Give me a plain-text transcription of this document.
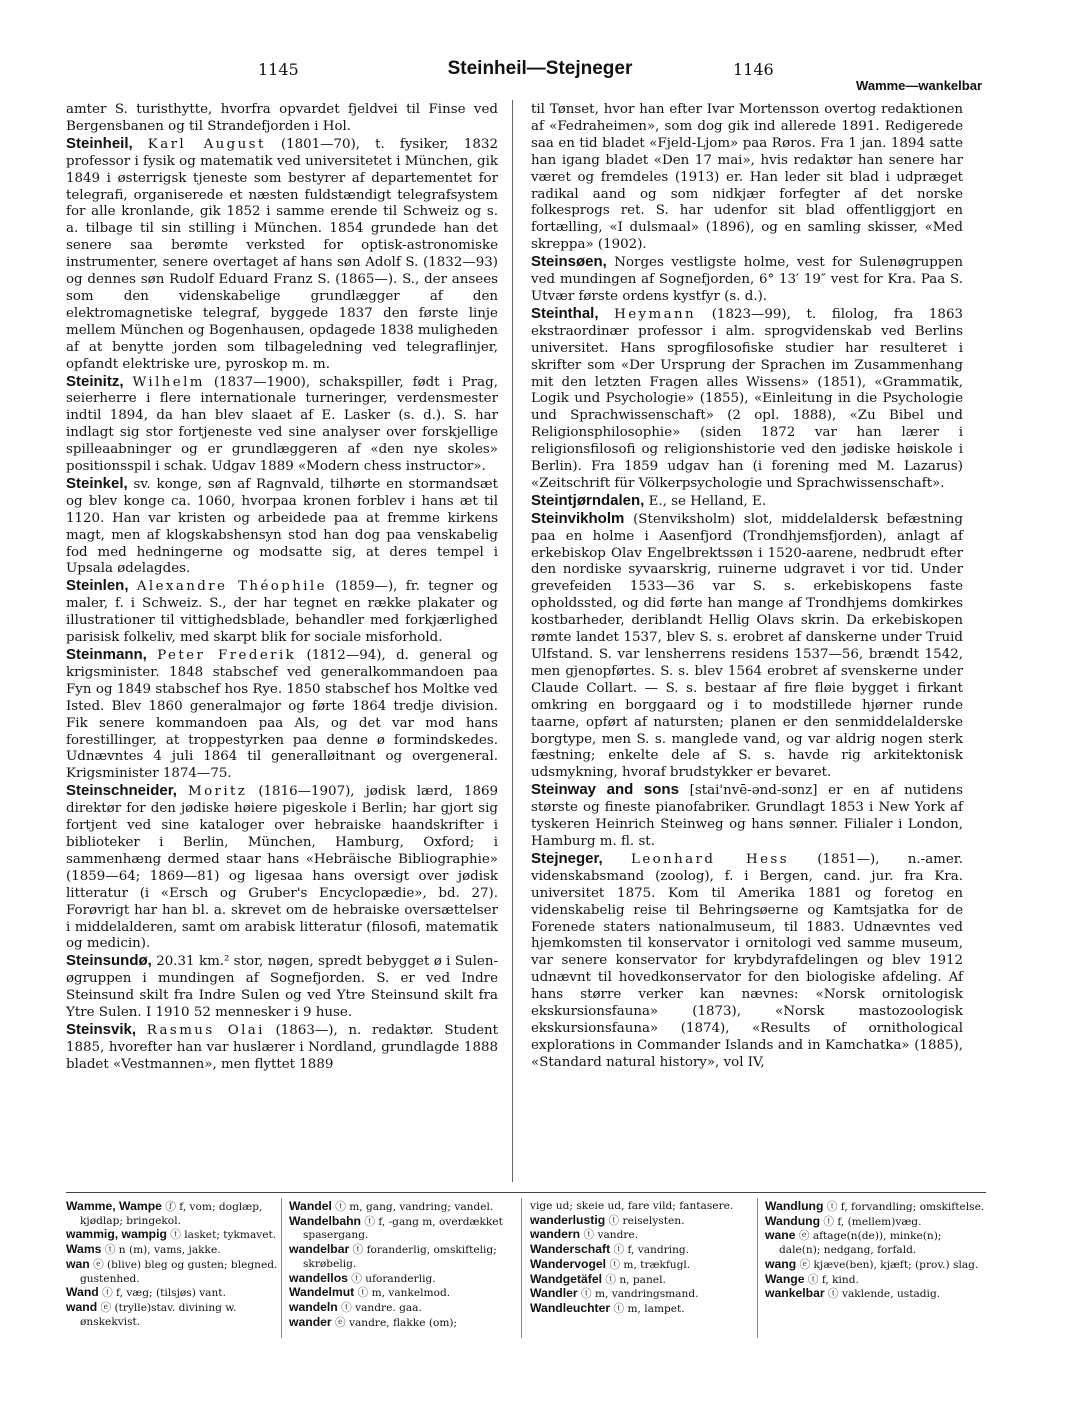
1145	Steinheil—Stejneger	1146
Wamme—wankelbar

amter S. turisthytte, hvorfra opvardet fjeldvei til Finse ved Bergensbanen og til Strandefjorden i Hol.

Steinheil, Karl August (1801—70), t. fysiker, 1832 professor i fysik og matematik ved universitetet i München, gik 1849 i østerrigsk tjeneste som bestyrer af departementet for telegrafi, organiserede et næsten fuldstændigt telegrafsystem for alle kronlande, gik 1852 i samme erende til Schweiz og s. a. tilbage til sin stilling i München. 1854 grundede han det senere saa berømte verksted for optisk-astronomiske instrumenter, senere overtaget af hans søn Adolf S. (1832—93) og dennes søn Rudolf Eduard Franz S. (1865—). S., der ansees som den videnskabelige grundlægger af den elektromagnetiske telegraf, byggede 1837 den første linje mellem München og Bogenhausen, opdagede 1838 muligheden af at benytte jorden som tilbageledning ved telegraflinjer, opfandt elektriske ure, pyroskop m. m.

Steinitz, Wilhelm (1837—1900), schakspiller, født i Prag, seierherre i flere internationale turneringer, verdensmester indtil 1894, da han blev slaaet af E. Lasker (s. d.). S. har indlagt sig stor fortjeneste ved sine analyser over forskjellige spilleaabninger og er grundlæggeren af «den nye skoles» positionsspil i schak. Udgav 1889 «Modern chess instructor».

Steinkel, sv. konge, søn af Ragnvald, tilhørte en stormandsæt og blev konge ca. 1060, hvorpaa kronen forblev i hans æt til 1120. Han var kristen og arbeidede paa at fremme kirkens magt, men af klogskabshensyn stod han dog paa venskabelig fod med hedningerne og modsatte sig, at deres tempel i Upsala ødelagdes.

Steinlen, Alexandre Théophile (1859—), fr. tegner og maler, f. i Schweiz. S., der har tegnet en række plakater og illustrationer til vittighedsblade, behandler med forkjærlighed parisisk folkeliv, med skarpt blik for sociale misforhold.

Steinmann, Peter Frederik (1812—94), d. general og krigsminister. 1848 stabschef ved generalkommandoen paa Fyn og 1849 stabschef hos Rye. 1850 stabschef hos Moltke ved Isted. Blev 1860 generalmajor og førte 1864 tredje division. Fik senere kommandoen paa Als, og det var mod hans forestillinger, at troppestyrken paa denne ø formindskedes. Udnævntes 4 juli 1864 til generalløitnant og overgeneral. Krigsminister 1874—75.

Steinschneider, Moritz (1816—1907), jødisk lærd, 1869 direktør for den jødiske høiere pigeskole i Berlin; har gjort sig fortjent ved sine kataloger over hebraiske haandskrifter i biblioteker i Berlin, München, Hamburg, Oxford; i sammenhæng dermed staar hans «Hebräische Bibliographie» (1859—64; 1869—81) og ligesaa hans oversigt over jødisk litteratur (i «Ersch og Gruber's Encyclopædie», bd. 27). Forøvrigt har han bl. a. skrevet om de hebraiske oversættelser i middelalderen, samt om arabisk litteratur (filosofi, matematik og medicin).

Steinsundø, 20.31 km.² stor, nøgen, spredt bebygget ø i Sulen-øgruppen i mundingen af Sognefjorden. S. er ved Indre Steinsund skilt fra Indre Sulen og ved Ytre Steinsund skilt fra Ytre Sulen. I 1910 52 mennesker i 9 huse.

Steinsvik, Rasmus Olai (1863—), n. redaktør. Student 1885, hvorefter han var huslærer i Nordland, grundlagde 1888 bladet «Vestmannen», men flyttet 1889

til Tønset, hvor han efter Ivar Mortensson overtog redaktionen af «Fedraheimen», som dog gik ind allerede 1891. Redigerede saa en tid bladet «Fjeld-Ljom» paa Røros. Fra 1 jan. 1894 satte han igang bladet «Den 17 mai», hvis redaktør han senere har været og fremdeles (1913) er. Han leder sit blad i udpræget radikal aand og som nidkjær forfegter af det norske folkesprogs ret. S. har udenfor sit blad offentliggjort en fortælling, «I dulsmaal» (1896), og en samling skisser, «Med skreppa» (1902).

Steinsøen, Norges vestligste holme, vest for Sulenøgruppen ved mundingen af Sognefjorden, 6° 13′ 19″ vest for Kra. Paa S. Utvær første ordens kystfyr (s. d.).

Steinthal, Heymann (1823—99), t. filolog, fra 1863 ekstraordinær professor i alm. sprogvidenskab ved Berlins universitet. Hans sprogfilosofiske studier har resulteret i skrifter som «Der Ursprung der Sprachen im Zusammenhang mit den letzten Fragen alles Wissens» (1851), «Grammatik, Logik und Psychologie» (1855), «Einleitung in die Psychologie und Sprachwissenschaft» (2 opl. 1888), «Zu Bibel und Religionsphilosophie» (siden 1872 var han lærer i religionsfilosofi og religionshistorie ved den jødiske høiskole i Berlin). Fra 1859 udgav han (i forening med M. Lazarus) «Zeitschrift für Völkerpsychologie und Sprachwissenschaft».

Steintjørndalen, E., se Helland, E.

Steinvikholm (Stenviksholm) slot, middelaldersk befæstning paa en holme i Aasenfjord (Trondhjemsfjorden), anlagt af erkebiskop Olav Engelbrektssøn i 1520-aarene, nedbrudt efter den nordiske syvaarskrig, ruinerne udgravet i vor tid. Under grevefeiden 1533—36 var S. s. erkebiskopens faste opholdssted, og did førte han mange af Trondhjems domkirkes kostbarheder, deriblandt Hellig Olavs skrin. Da erkebiskopen rømte landet 1537, blev S. s. erobret af danskerne under Truid Ulfstand. S. var lensherrens residens 1537—56, brændt 1542, men gjenopførtes. S. s. blev 1564 erobret af svenskerne under Claude Collart. — S. s. bestaar af fire fløie bygget i firkant omkring en borggaard og i to modstillede hjørner runde taarne, opført af natursten; planen er den senmiddelalderske borgtype, men S. s. manglede vand, og var aldrig nogen sterk fæstning; enkelte dele af S. s. havde rig arkitektonisk udsmykning, hvoraf brudstykker er bevaret.

Steinway and sons [stai'nvē-ənd-sʊnz] er en af nutidens største og fineste pianofabriker. Grundlagt 1853 i New York af tyskeren Heinrich Steinweg og hans sønner. Filialer i London, Hamburg m. fl. st.

Stejneger, Leonhard Hess (1851—), n.-amer. videnskabsmand (zoolog), f. i Bergen, cand. jur. fra Kra. universitet 1875. Kom til Amerika 1881 og foretog en videnskabelig reise til Behringsøerne og Kamtsjatka for de Forenede staters nationalmuseum, til 1883. Udnævntes ved hjemkomsten til konservator i ornitologi ved samme museum, var senere konservator for krybdyrafdelingen og blev 1912 udnævnt til hovedkonservator for den biologiske afdeling. Af hans større verker kan nævnes: «Norsk ornitologisk ekskursionsfauna» (1873), «Norsk mastozoologisk ekskursionsfauna» (1874), «Results of ornithological explorations in Commander Islands and in Kamchatka» (1885), «Standard natural history», vol IV,

Wamme, Wampe ⓕ f, vom; doglæp, kjødlap; bringekol.

wammig, wampig ⓣ lasket; tykmavet.

Wams ⓣ n (m), vams, jakke.

wan ⓔ (blive) bleg og gusten; blegned. gustenhed.

Wand ⓣ f, væg; (tilsjøs) vant.

wand ⓔ (trylle)stav. divining w. ønskekvist.

Wandel ⓣ m, gang, vandring; vandel.

Wandelbahn ⓣ f, -gang m, overdækket spasergang.

wandelbar ⓣ foranderlig, omskiftelig; skrøbelig.

wandellos ⓣ uforanderlig.

Wandelmut ⓣ m, vankelmod.

wandeln ⓣ vandre. gaa.

wander ⓔ vandre, flakke (om);

vige ud; skeie ud, fare vild; fantasere.

wanderlustig ⓣ reiselysten.

wandern ⓣ vandre.

Wanderschaft ⓣ f, vandring.

Wandervogel ⓣ m, trækfugl.

Wandgetäfel ⓣ n, panel.

Wandler ⓣ m, vandringsmand.

Wandleuchter ⓣ m, lampet.

Wandlung ⓣ f, forvandling; omskiftelse.

Wandung ⓣ f, (mellem)væg.

wane ⓔ aftage(n(de)), minke(n); dale(n); nedgang, forfald.

wang ⓔ kjæve(ben), kjæft; (prov.) slag.

Wange ⓣ f, kind.

wankelbar ⓣ vaklende, ustadig.
